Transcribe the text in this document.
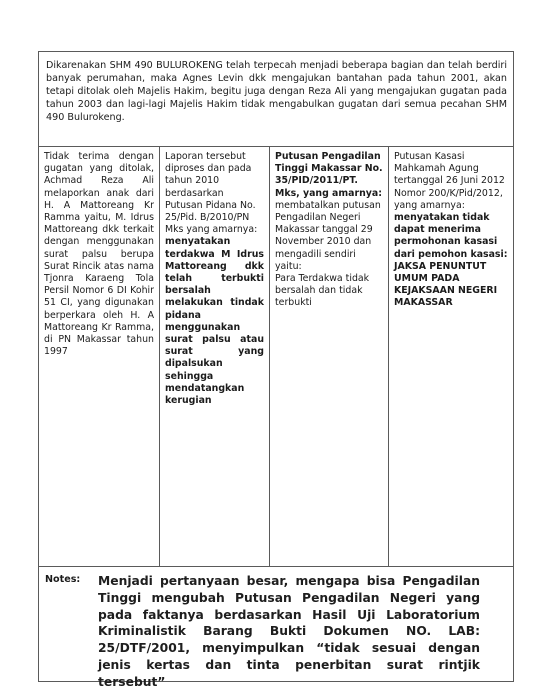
Dikarenakan SHM 490 BULUROKENG telah terpecah menjadi beberapa bagian dan telah berdiri banyak perumahan, maka Agnes Levin dkk mengajukan bantahan pada tahun 2001, akan tetapi ditolak oleh Majelis Hakim, begitu juga dengan Reza Ali yang mengajukan gugatan pada tahun 2003 dan lagi-lagi Majelis Hakim tidak mengabulkan gugatan dari semua pecahan SHM 490 Bulurokeng.

Tidak terima dengan gugatan yang ditolak, Achmad Reza Ali melaporkan anak dari H. A Mattoreang Kr Ramma yaitu, M. Idrus Mattoreang dkk terkait dengan menggunakan surat palsu berupa Surat Rincik atas nama Tjonra Karaeng Tola Persil Nomor 6 DI Kohir 51 CI, yang digunakan berperkara oleh H. A Mattoreang Kr Ramma, di PN Makassar tahun 1997

Laporan tersebut diproses dan pada tahun 2010 berdasarkan Putusan Pidana No. 25/Pid. B/2010/PN Mks yang amarnya:

menyatakan terdakwa M Idrus Mattoreang dkk telah terbukti bersalah melakukan tindak pidana menggunakan surat palsu atau surat yang dipalsukan sehingga mendatangkan kerugian

Putusan Pengadilan Tinggi Makassar No. 35/PID/2011/PT. Mks, yang amarnya:

membatalkan putusan Pengadilan Negeri Makassar tanggal 29 November 2010 dan mengadili sendiri yaitu:

Para Terdakwa tidak bersalah dan tidak terbukti

Putusan Kasasi Mahkamah Agung tertanggal 26 Juni 2012 Nomor 200/K/Pid/2012, yang amarnya:

menyatakan tidak dapat menerima permohonan kasasi dari pemohon kasasi: JAKSA PENUNTUT UMUM PADA KEJAKSAAN NEGERI MAKASSAR

Notes:	Menjadi pertanyaan besar, mengapa bisa Pengadilan Tinggi mengubah Putusan Pengadilan Negeri yang pada faktanya berdasarkan Hasil Uji Laboratorium Kriminalistik Barang Bukti Dokumen NO. LAB: 25/DTF/2001, menyimpulkan “tidak sesuai dengan jenis kertas dan tinta penerbitan surat rintjik tersebut”
